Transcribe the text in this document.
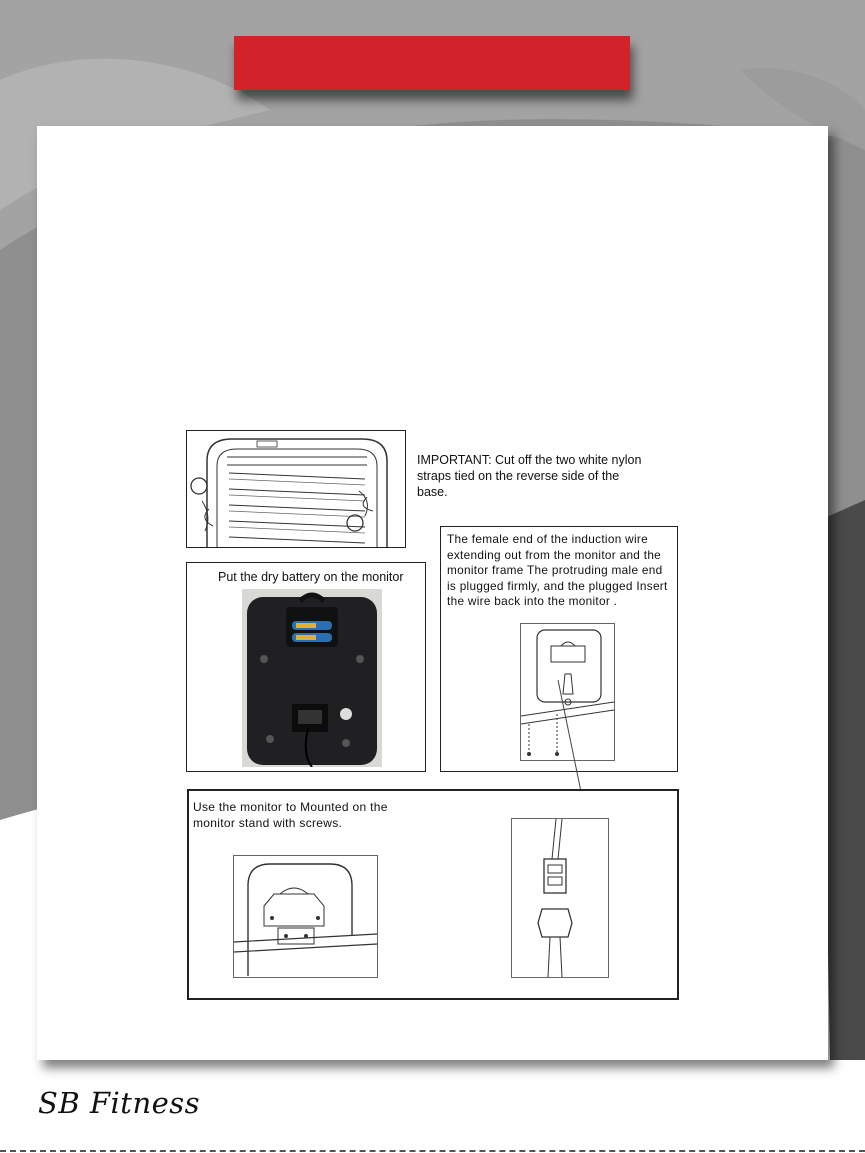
IMPORTANT: Cut off the two white nylon straps tied on the reverse side of the base.
Put the dry battery on the monitor
The female end of the induction wire extending out from the monitor and the monitor frame The protruding male end is plugged firmly, and the plugged Insert the wire back into the monitor .
Use the monitor to Mounted on the monitor stand with screws.
SB Fitness
